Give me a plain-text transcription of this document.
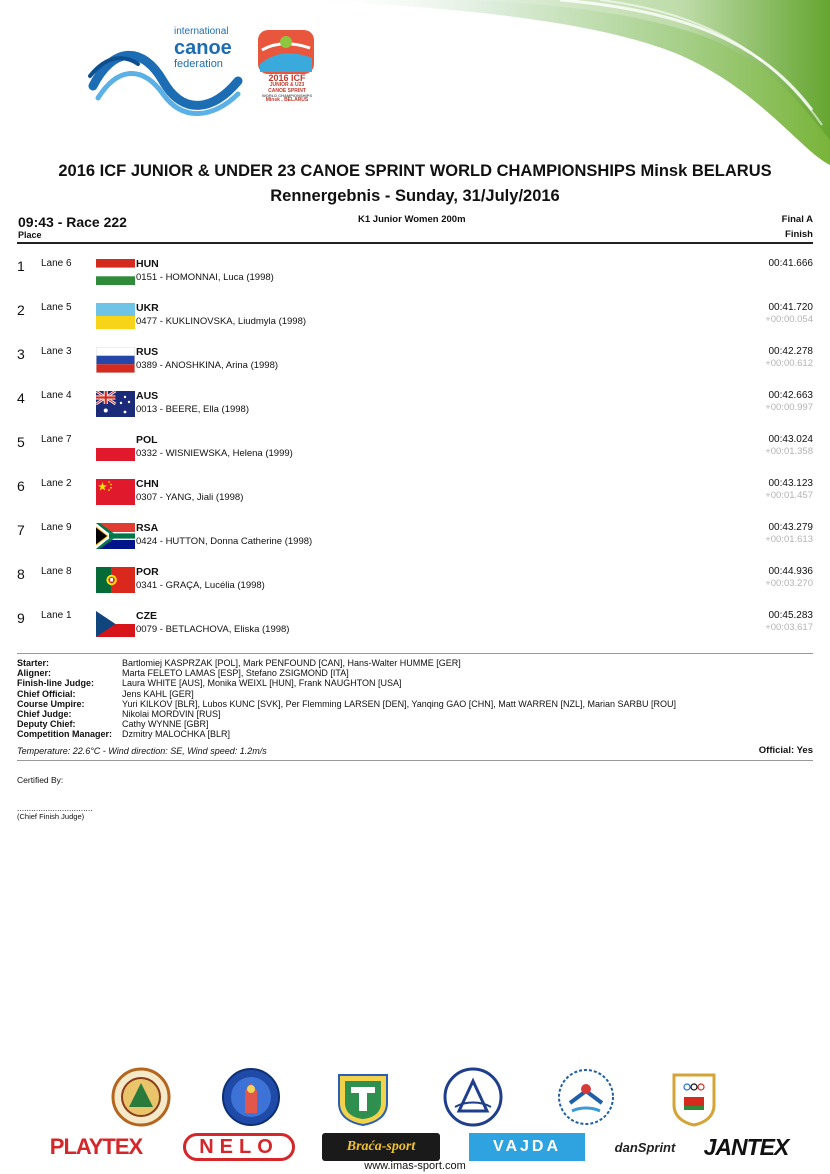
international
canoe
federation
2016 ICF
JUNIOR & U23
CANOE SPRINT
WORLD CHAMPIONSHIPS
Minsk , BELARUS
2016 ICF JUNIOR & UNDER 23 CANOE SPRINT WORLD CHAMPIONSHIPS Minsk BELARUS
Rennergebnis - Sunday, 31/July/2016
09:43 - Race 222	K1 Junior Women 200m	Final A
Place	Finish
1 Lane 6	HUN
0151 - HOMONNAI, Luca (1998)
00:41.666
2 Lane 5	UKR
0477 - KUKLINOVSKA, Liudmyla (1998)
00:41.720
+00:00.054
3 Lane 3	RUS
0389 - ANOSHKINA, Arina (1998)
00:42.278
+00:00.612
4 Lane 4	AUS
0013 - BEERE, Ella (1998)
00:42.663
+00:00.997
5 Lane 7	POL
0332 - WISNIEWSKA, Helena (1999)
00:43.024
+00:01.358
6 Lane 2	CHN
0307 - YANG, Jiali (1998)
00:43.123
+00:01.457
7 Lane 9	RSA
0424 - HUTTON, Donna Catherine (1998)
00:43.279
+00:01.613
8 Lane 8	POR
0341 - GRAÇA, Lucélia (1998)
00:44.936
+00:03.270
9 Lane 1	CZE
0079 - BETLACHOVA, Eliska (1998)
00:45.283
+00:03.617
Starter:	Bartlomiej KASPRZAK [POL], Mark PENFOUND [CAN], Hans-Walter HUMME [GER]
Aligner:	Marta FELETO LAMAS [ESP], Stefano ZSIGMOND [ITA]
Finish-line Judge:	Laura WHITE [AUS], Monika WEIXL [HUN], Frank NAUGHTON [USA]
Chief Official:	Jens KAHL [GER]
Course Umpire:	Yuri KILKOV [BLR], Lubos KUNC [SVK], Per Flemming LARSEN [DEN], Yanqing GAO [CHN], Matt WARREN [NZL], Marian SARBU [ROU]
Chief Judge:	Nikolai MORDVIN [RUS]
Deputy Chief:	Cathy WYNNE [GBR]
Competition Manager:	Dzmitry MALOCHKA [BLR]
Temperature: 22.6°C - Wind direction: SE, Wind speed: 1.2m/s	Official: Yes
Certified By:
................................
(Chief Finish Judge)
PLAYTEX	NELO	Braća-sport	VAJDA	danSprint JANTEX
www.imas-sport.com
